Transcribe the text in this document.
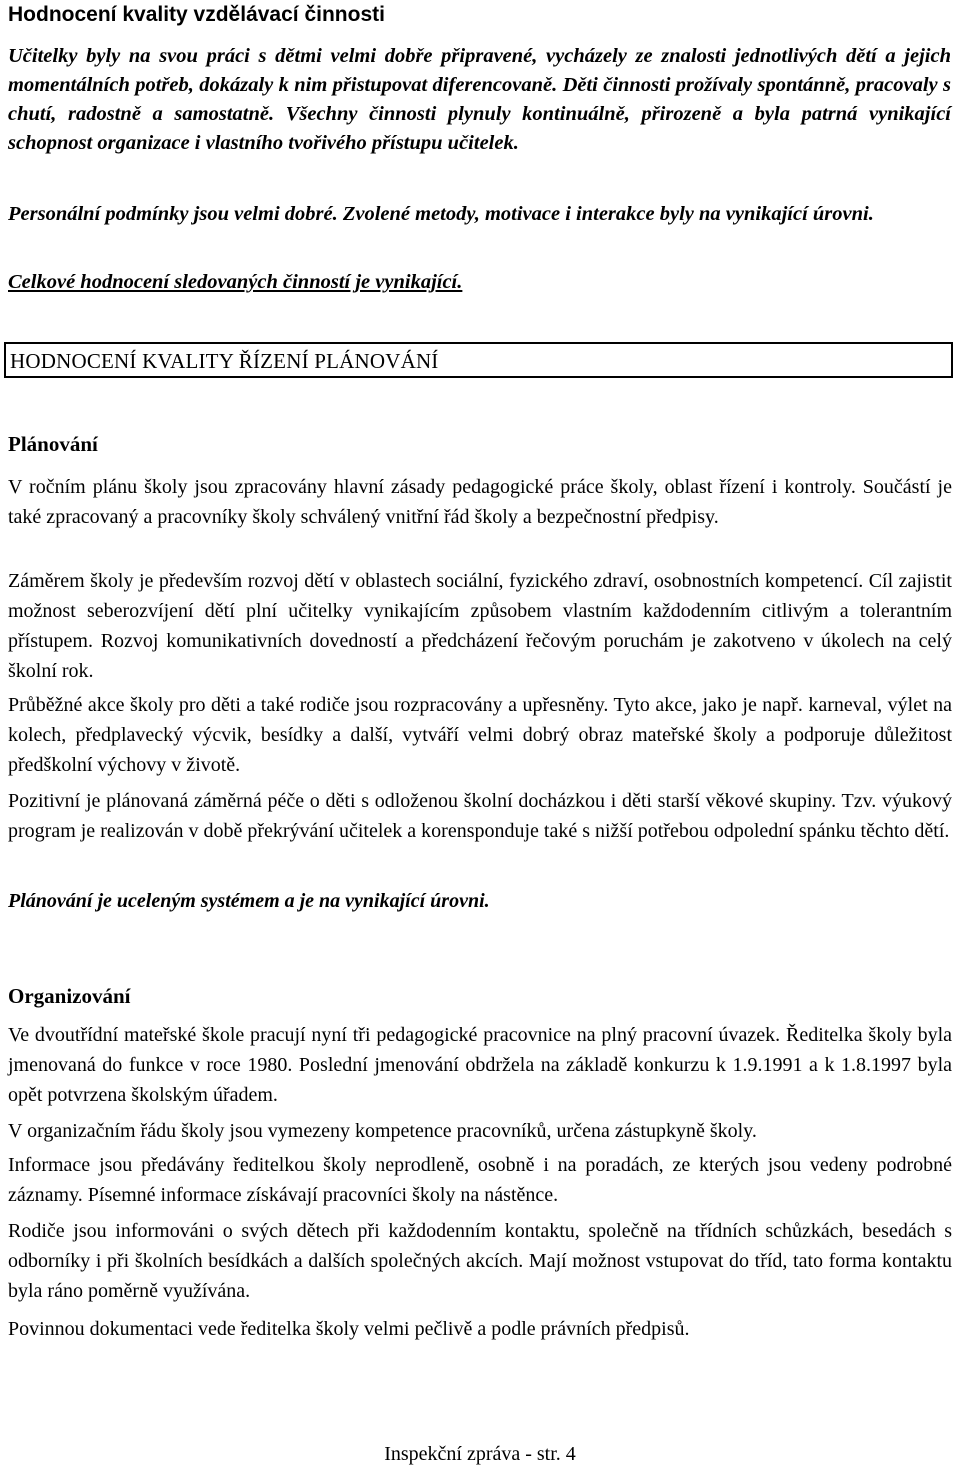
Hodnocení kvality vzdělávací činnosti

Učitelky byly na svou práci s dětmi velmi dobře připravené, vycházely ze znalosti jednotlivých dětí a jejich momentálních potřeb, dokázaly k nim přistupovat diferencovaně. Děti činnosti prožívaly spontánně, pracovaly s chutí, radostně a samostatně. Všechny činnosti plynuly kontinuálně, přirozeně a byla patrná vynikající schopnost organizace i vlastního tvořivého přístupu učitelek.

Personální podmínky jsou velmi dobré. Zvolené metody, motivace i interakce byly na vynikající úrovni.

Celkové hodnocení sledovaných činností je vynikající.

HODNOCENÍ KVALITY ŘÍZENÍ PLÁNOVÁNÍ
Plánování

V ročním plánu školy jsou zpracovány hlavní zásady pedagogické práce školy, oblast řízení i kontroly. Součástí je také zpracovaný a pracovníky školy schválený vnitřní řád školy a bezpečnostní předpisy.

Záměrem školy je především rozvoj dětí v oblastech sociální, fyzického zdraví, osobnostních kompetencí. Cíl zajistit možnost seberozvíjení dětí plní učitelky vynikajícím způsobem vlastním každodenním citlivým a tolerantním přístupem. Rozvoj komunikativních dovedností a předcházení řečovým poruchám je zakotveno v úkolech na celý školní rok.

Průběžné akce školy pro děti a také rodiče jsou rozpracovány a upřesněny. Tyto akce, jako je např. karneval, výlet na kolech, předplavecký výcvik, besídky a další, vytváří velmi dobrý obraz mateřské školy a podporuje důležitost předškolní výchovy v životě.

Pozitivní je plánovaná záměrná péče o děti s odloženou školní docházkou i děti starší věkové skupiny. Tzv. výukový program je realizován v době překrývání učitelek a korensponduje také s nižší potřebou odpolední spánku těchto dětí.

Plánování je uceleným systémem a je na vynikající úrovni.

Organizování

Ve dvoutřídní mateřské škole pracují nyní tři pedagogické pracovnice na plný pracovní úvazek. Ředitelka školy byla jmenovaná do funkce v roce 1980. Poslední jmenování obdržela na základě konkurzu k 1.9.1991 a k 1.8.1997 byla opět potvrzena školským úřadem.

V organizačním řádu školy jsou vymezeny kompetence pracovníků, určena zástupkyně školy.

Informace jsou předávány ředitelkou školy neprodleně, osobně i na poradách, ze kterých jsou vedeny podrobné záznamy. Písemné informace získávají pracovníci školy na nástěnce.

Rodiče jsou informováni o svých dětech při každodenním kontaktu, společně na třídních schůzkách, besedách s odborníky i při školních besídkách a dalších společných akcích. Mají možnost vstupovat do tříd, tato forma kontaktu byla ráno poměrně využívána.

Povinnou dokumentaci vede ředitelka školy velmi pečlivě a podle právních předpisů.

Inspekční zpráva - str. 4
